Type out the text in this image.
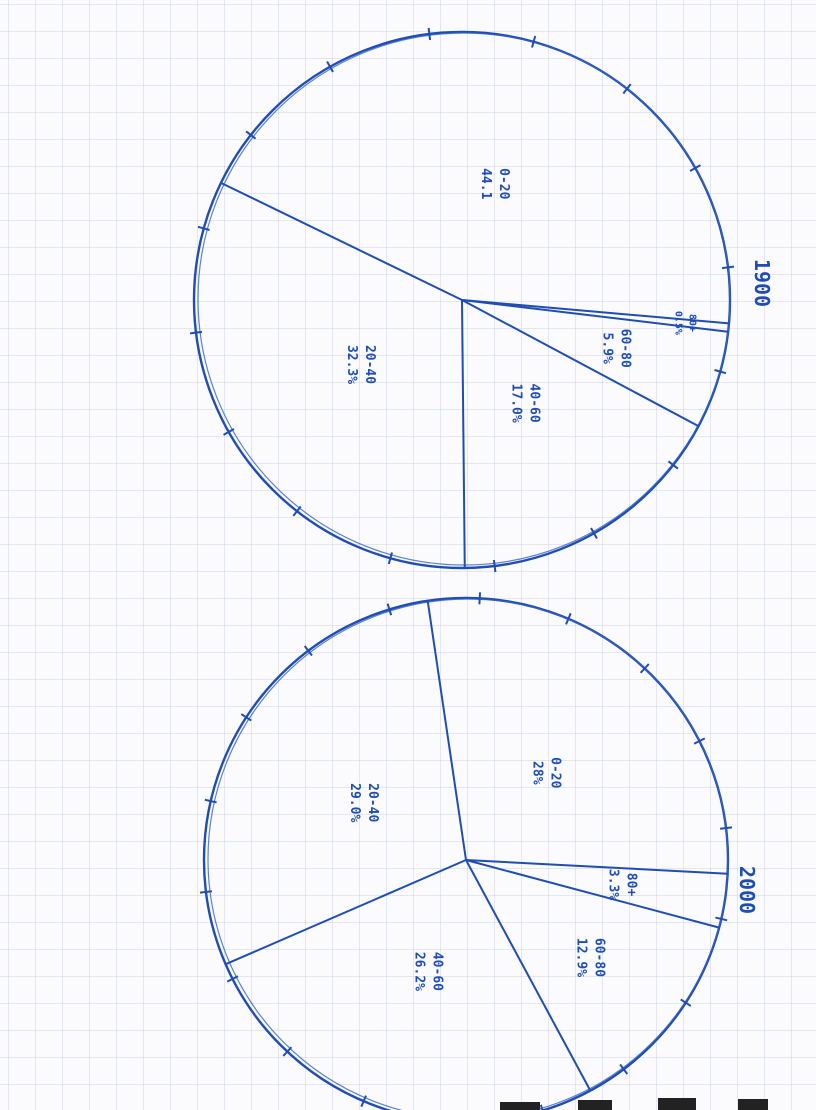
0-20
44.1
20-40
32.3%
40-60
17.0%
60-80
5.9%
80+
0.5%
1900
0-20
28%
20-40
29.0%
40-60
26.2%	60-80
12.9%
80+
3.3%	2000
